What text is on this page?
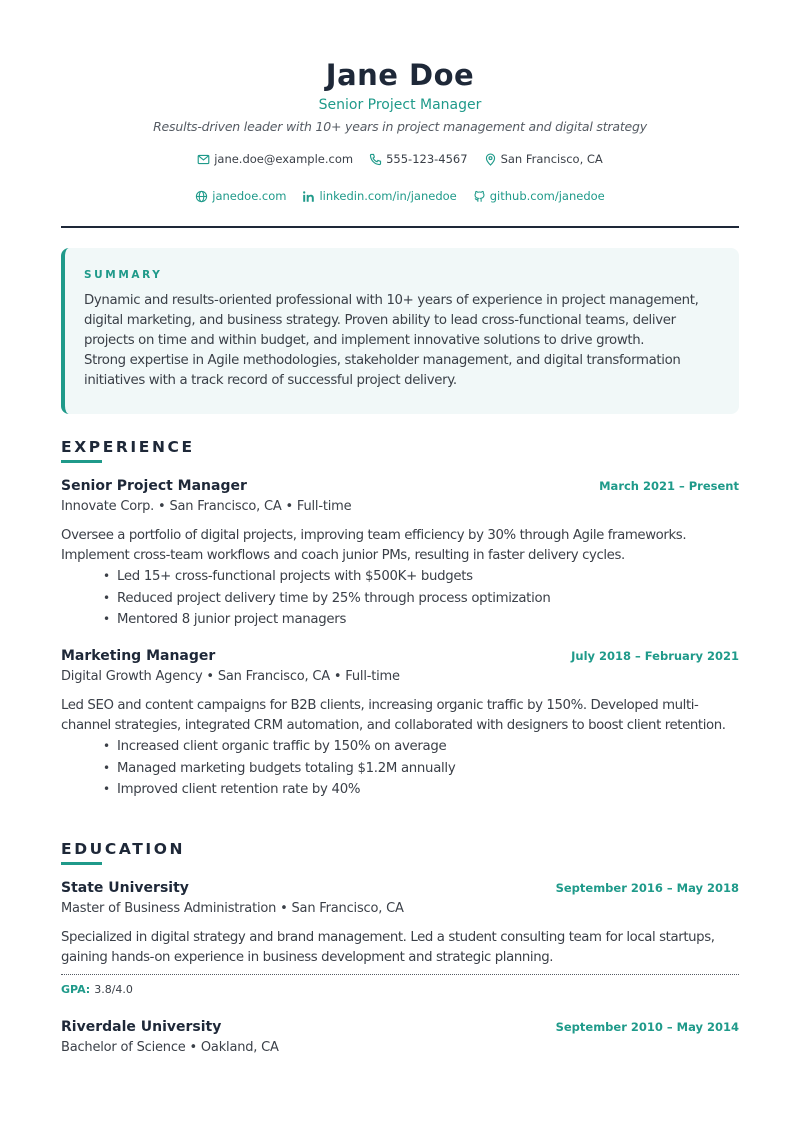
Jane Doe
Senior Project Manager
Results-driven leader with 10+ years in project management and digital strategy
jane.doe@example.com	555-123-4567	San Francisco, CA
janedoe.com	linkedin.com/in/janedoe	github.com/janedoe
SUMMARY
Dynamic and results-oriented professional with 10+ years of experience in project management, digital marketing, and business strategy. Proven ability to lead cross-functional teams, deliver projects on time and within budget, and implement innovative solutions to drive growth.
Strong expertise in Agile methodologies, stakeholder management, and digital transformation initiatives with a track record of successful project delivery.
EXPERIENCE
Senior Project Manager	March 2021 – Present
Innovate Corp. • San Francisco, CA • Full-time
Oversee a portfolio of digital projects, improving team efficiency by 30% through Agile frameworks. Implement cross-team workflows and coach junior PMs, resulting in faster delivery cycles.
• Led 15+ cross-functional projects with $500K+ budgets
• Reduced project delivery time by 25% through process optimization
• Mentored 8 junior project managers
Marketing Manager	July 2018 – February 2021
Digital Growth Agency • San Francisco, CA • Full-time
Led SEO and content campaigns for B2B clients, increasing organic traffic by 150%. Developed multi-channel strategies, integrated CRM automation, and collaborated with designers to boost client retention.
• Increased client organic traffic by 150% on average
• Managed marketing budgets totaling $1.2M annually
• Improved client retention rate by 40%
EDUCATION
State University	September 2016 – May 2018
Master of Business Administration • San Francisco, CA
Specialized in digital strategy and brand management. Led a student consulting team for local startups, gaining hands-on experience in business development and strategic planning.
GPA: 3.8/4.0
Riverdale University	September 2010 – May 2014
Bachelor of Science • Oakland, CA
